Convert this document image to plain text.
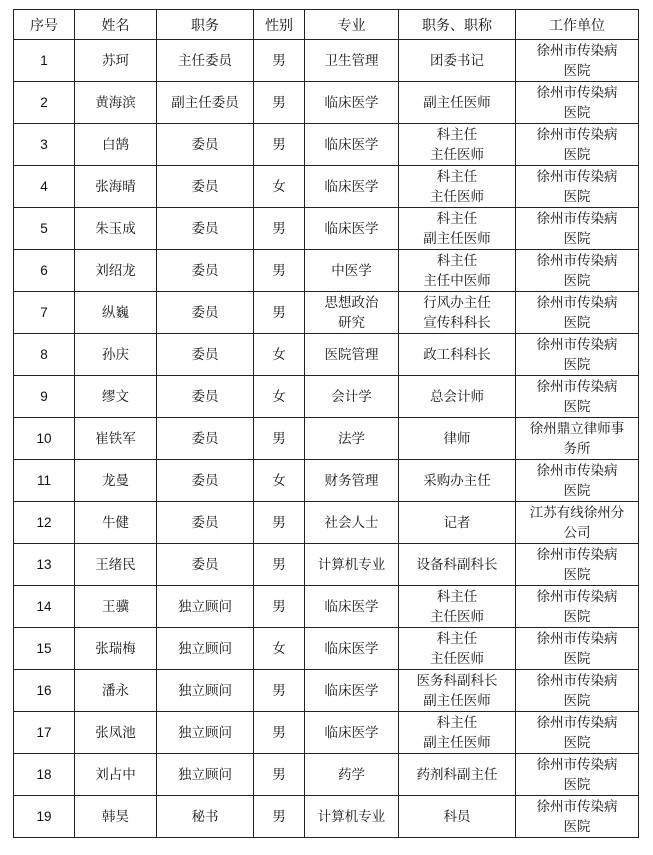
序号	姓名	职务	性别	专业	职务、职称	工作单位
1	苏珂	主任委员	男	卫生管理	团委书记	徐州市传染病
医院

2	黄海滨	副主任委员	男	临床医学	副主任医师	徐州市传染病
医院

3	白鹄	委员	男	临床医学	科主任
主任医师	徐州市传染病
医院

4	张海晴	委员	女	临床医学	科主任
主任医师	徐州市传染病
医院

5	朱玉成	委员	男	临床医学	科主任
副主任医师	徐州市传染病
医院

6	刘绍龙	委员	男	中医学	科主任
主任中医师	徐州市传染病
医院

7	纵巍	委员	男	思想政治
研究	行风办主任
宣传科科长	徐州市传染病
医院

8	孙庆	委员	女	医院管理	政工科科长	徐州市传染病
医院

9	缪文	委员	女	会计学	总会计师	徐州市传染病
医院

10	崔铁军	委员	男	法学	律师	徐州鼎立律师事
务所

11	龙曼	委员	女	财务管理	采购办主任	徐州市传染病
医院

12	牛健	委员	男	社会人士	记者	江苏有线徐州分
公司

13	王绪民	委员	男	计算机专业	设备科副科长	徐州市传染病
医院

14	王骥	独立顾问	男	临床医学	科主任
主任医师	徐州市传染病
医院

15	张瑞梅	独立顾问	女	临床医学	科主任
主任医师	徐州市传染病
医院

16	潘永	独立顾问	男	临床医学	医务科副科长
副主任医师	徐州市传染病
医院

17	张凤池	独立顾问	男	临床医学	科主任
副主任医师	徐州市传染病
医院

18	刘占中	独立顾问	男	药学	药剂科副主任	徐州市传染病
医院

19	韩昊	秘书	男	计算机专业	科员	徐州市传染病
医院
